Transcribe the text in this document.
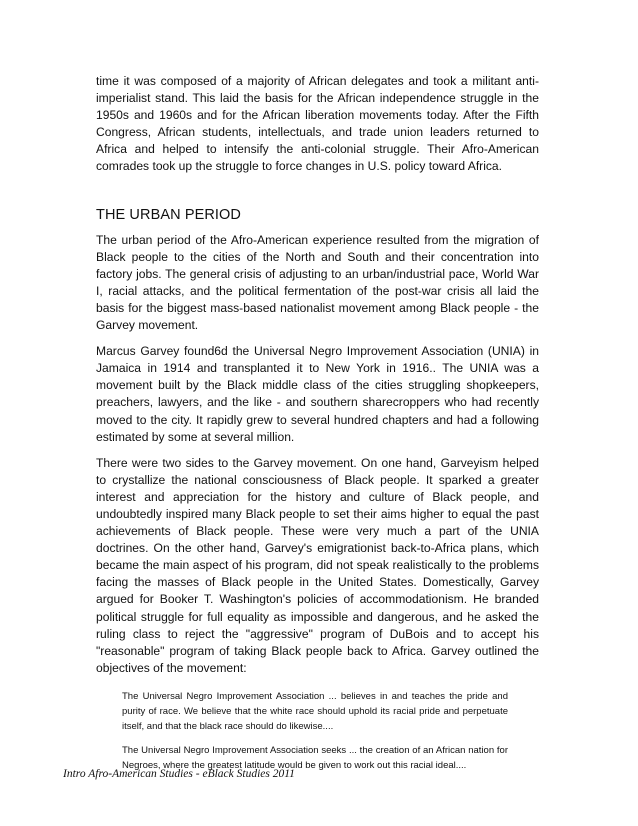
time it was composed of a majority of African delegates and took a militant anti-imperialist stand. This laid the basis for the African independence struggle in the 1950s and 1960s and for the African liberation movements today. After the Fifth Congress, African students, intellectuals, and trade union leaders returned to Africa and helped to intensify the anti-colonial struggle. Their Afro-American comrades took up the struggle to force changes in U.S. policy toward Africa.

THE URBAN PERIOD

The urban period of the Afro-American experience resulted from the migration of Black people to the cities of the North and South and their concentration into factory jobs. The general crisis of adjusting to an urban/industrial pace, World War I, racial attacks, and the political fermentation of the post-war crisis all laid the basis for the biggest mass-based nationalist movement among Black people - the Garvey movement.

Marcus Garvey found6d the Universal Negro Improvement Association (UNIA) in Jamaica in 1914 and transplanted it to New York in 1916.. The UNIA was a movement built by the Black middle class of the cities struggling shopkeepers, preachers, lawyers, and the like - and southern sharecroppers who had recently moved to the city. It rapidly grew to several hundred chapters and had a following estimated by some at several million.

There were two sides to the Garvey movement. On one hand, Garveyism helped to crystallize the national consciousness of Black people. It sparked a greater interest and appreciation for the history and culture of Black people, and undoubtedly inspired many Black people to set their aims higher to equal the past achievements of Black people. These were very much a part of the UNIA doctrines. On the other hand, Garvey's emigrationist back-to-Africa plans, which became the main aspect of his program, did not speak realistically to the problems facing the masses of Black people in the United States. Domestically, Garvey argued for Booker T. Washington's policies of accommodationism. He branded political struggle for full equality as impossible and dangerous, and he asked the ruling class to reject the "aggressive" program of DuBois and to accept his "reasonable" program of taking Black people back to Africa. Garvey outlined the objectives of the movement:

The Universal Negro Improvement Association ... believes in and teaches the pride and purity of race. We believe that the white race should uphold its racial pride and perpetuate itself, and that the black race should do likewise....

The Universal Negro Improvement Association seeks ... the creation of an African nation for Negroes, where the greatest latitude would be given to work out this racial ideal....

Intro Afro-American Studies - eBlack Studies 2011
